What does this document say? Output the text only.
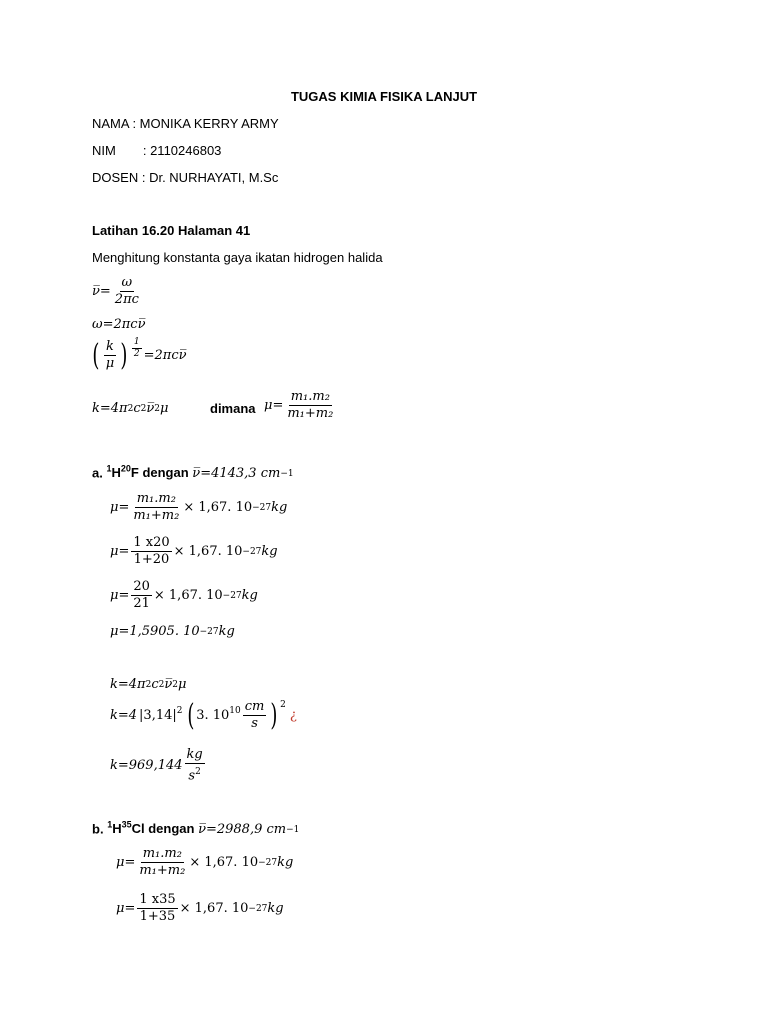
TUGAS KIMIA FISIKA LANJUT
NAMA : MONIKA KERRY ARMY
NIM : 2110246803
DOSEN : Dr. NURHAYATI, M.Sc
Latihan 16.20 Halaman 41
Menghitung konstanta gaya ikatan hidrogen halida
ν̅= $\frac{\omega}{2\pi c}$
ω=2πcν̅
( $\frac{k}{\mu}$ ) $\frac{1}{2}$ =2πcν̅
k=4π 2 c 2 ν̅ 2 μ	dimana $\mu= \frac{\text{m₁.m₂}}{\text{m₁+m₂}}$
a. $^1H^{20}F$ dengan ν̅=4143,3 cm −1
$\mu= \frac{\text{m₁.m₂}}{\text{m₁+m₂}} \times 1,67$. 10 −27 kg
$\mu= \frac{1 x20}{1+20} \times 1,67$. 10 −27 kg
$\mu= \frac{20}{21} \times 1,67$. 10 −27 kg
μ=1,5905. 10 −27 kg
k=4π 2 c 2 ν̅ 2 μ
k=4 $|3,14|^2$ ( 3. $10^{10} \frac{cm}{s}$ ) $^2$
¿
$k=969,144 \frac{kg}{s^2}$
b. $^1H^{35}Cl$ dengan ν̅=2988,9 cm −1
$\mu= \frac{\text{m₁.m₂}}{\text{m₁+m₂}} \times 1,67$. 10 −27 kg
$\mu= \frac{1 x35}{1+35} \times 1,67$. 10 −27 kg
